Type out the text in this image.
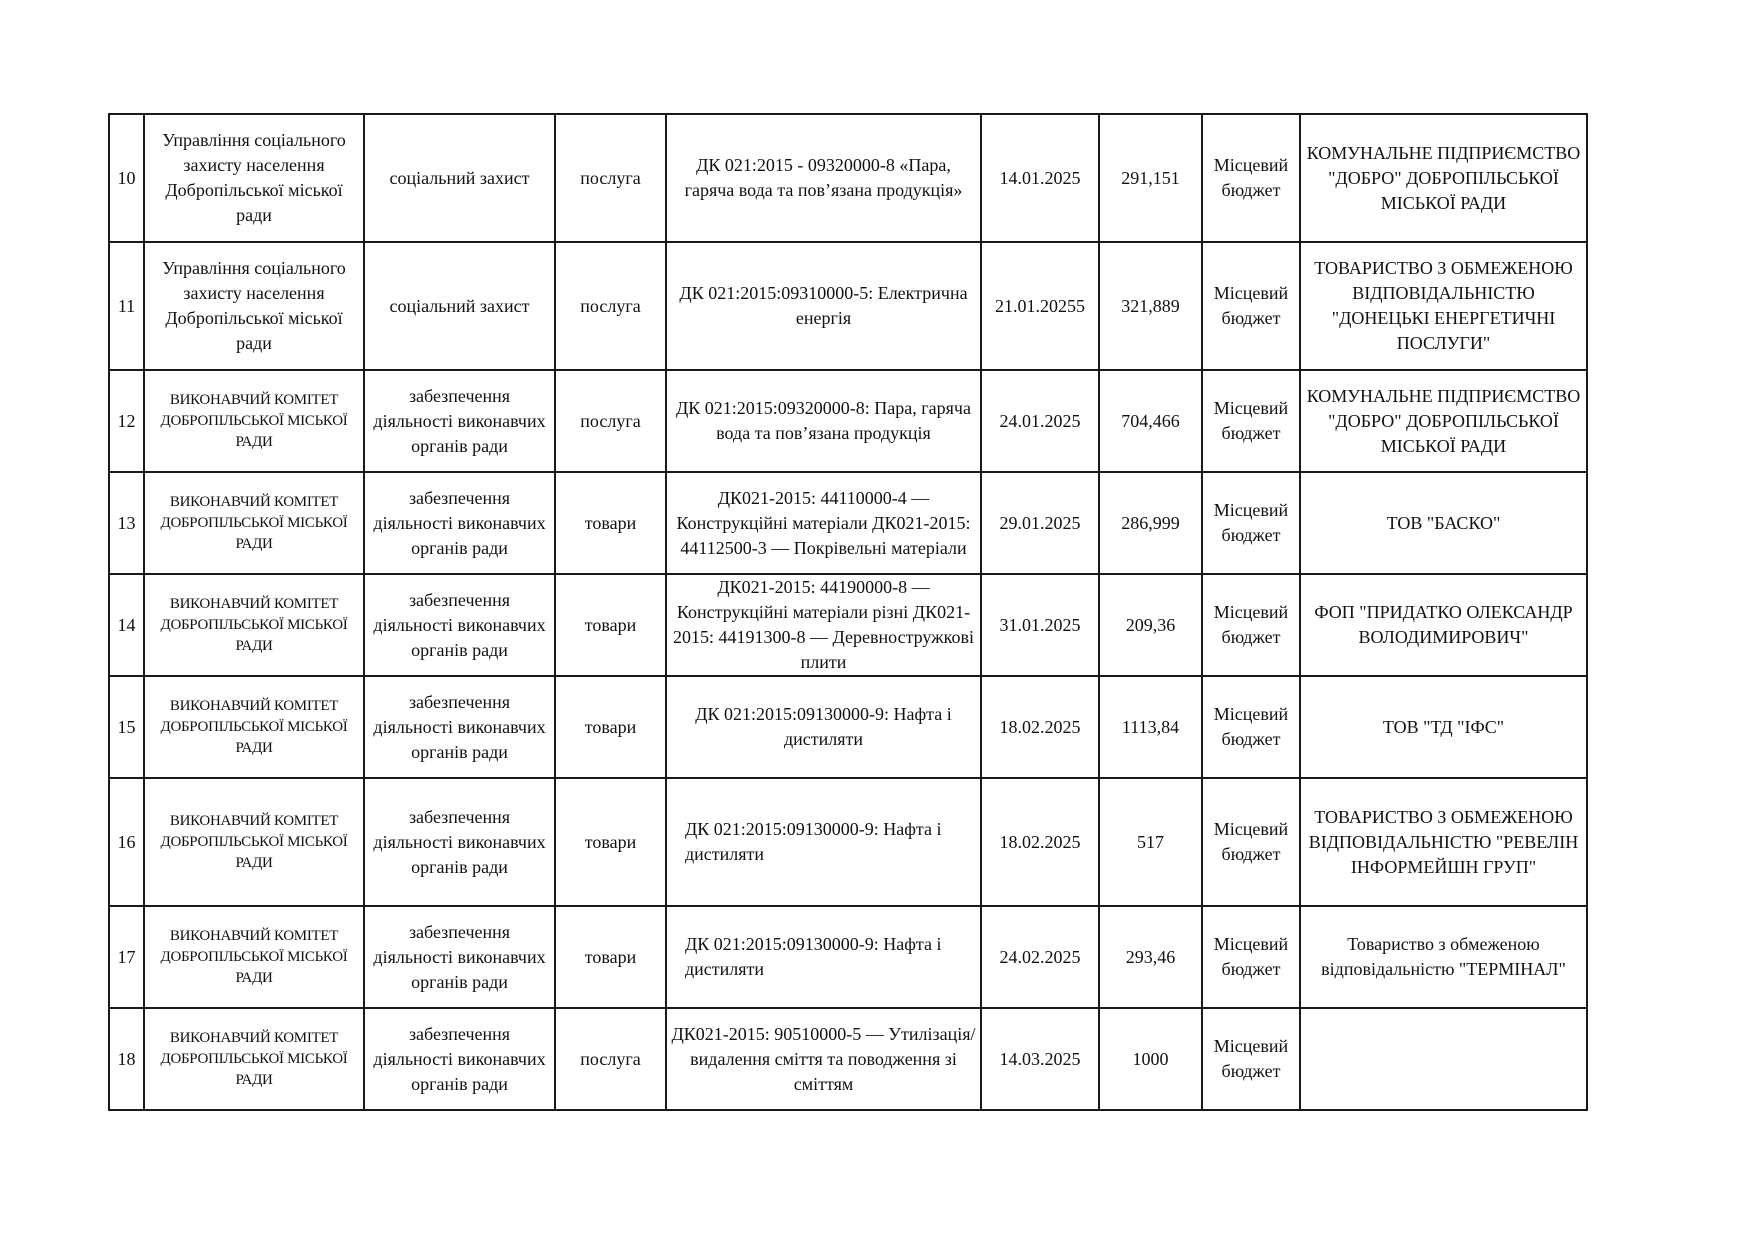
10	Управління соціального захисту населення Добропільської міської ради	соціальний захист	послуга	ДК 021:2015 - 09320000-8 «Пара, гаряча вода та пов’язана продукція»	14.01.2025	291,151	Місцевий бюджет	КОМУНАЛЬНЕ ПІДПРИЄМСТВО "ДОБРО" ДОБРОПІЛЬСЬКОЇ МІСЬКОЇ РАДИ
11	Управління соціального захисту населення Добропільської міської ради	соціальний захист	послуга	ДК 021:2015:09310000-5: Електрична енергія	21.01.20255	321,889	Місцевий бюджет	ТОВАРИСТВО З ОБМЕЖЕНОЮ ВІДПОВІДАЛЬНІСТЮ "ДОНЕЦЬКІ ЕНЕРГЕТИЧНІ ПОСЛУГИ"
12	ВИКОНАВЧИЙ КОМІТЕТ ДОБРОПІЛЬСЬКОЇ МІСЬКОЇ РАДИ	забезпечення діяльності виконавчих органів ради	послуга	ДК 021:2015:09320000-8: Пара, гаряча вода та пов’язана продукція	24.01.2025	704,466	Місцевий бюджет	КОМУНАЛЬНЕ ПІДПРИЄМСТВО "ДОБРО" ДОБРОПІЛЬСЬКОЇ МІСЬКОЇ РАДИ
13	ВИКОНАВЧИЙ КОМІТЕТ ДОБРОПІЛЬСЬКОЇ МІСЬКОЇ РАДИ	забезпечення діяльності виконавчих органів ради	товари	ДК021-2015: 44110000-4 — Конструкційні матеріали ДК021-2015: 44112500-3 — Покрівельні матеріали	29.01.2025	286,999	Місцевий бюджет	ТОВ "БАСКО"
14	ВИКОНАВЧИЙ КОМІТЕТ ДОБРОПІЛЬСЬКОЇ МІСЬКОЇ РАДИ	забезпечення діяльності виконавчих органів ради	товари	ДК021-2015: 44190000-8 — Конструкційні матеріали різні ДК021-2015: 44191300-8 — Деревностружкові плити	31.01.2025	209,36	Місцевий бюджет	ФОП "ПРИДАТКО ОЛЕКСАНДР ВОЛОДИМИРОВИЧ"
15	ВИКОНАВЧИЙ КОМІТЕТ ДОБРОПІЛЬСЬКОЇ МІСЬКОЇ РАДИ	забезпечення діяльності виконавчих органів ради	товари	ДК 021:2015:09130000-9: Нафта і дистиляти	18.02.2025	1113,84	Місцевий бюджет	ТОВ "ТД "ІФС"
16	ВИКОНАВЧИЙ КОМІТЕТ ДОБРОПІЛЬСЬКОЇ МІСЬКОЇ РАДИ	забезпечення діяльності виконавчих органів ради	товари	ДК 021:2015:09130000-9: Нафта і дистиляти	18.02.2025	517	Місцевий бюджет	ТОВАРИСТВО З ОБМЕЖЕНОЮ ВІДПОВІДАЛЬНІСТЮ "РЕВЕЛІН ІНФОРМЕЙШН ГРУП"
17	ВИКОНАВЧИЙ КОМІТЕТ ДОБРОПІЛЬСЬКОЇ МІСЬКОЇ РАДИ	забезпечення діяльності виконавчих органів ради	товари	ДК 021:2015:09130000-9: Нафта і дистиляти	24.02.2025	293,46	Місцевий бюджет	Товариство з обмеженою відповідальністю "ТЕРМІНАЛ"
18	ВИКОНАВЧИЙ КОМІТЕТ ДОБРОПІЛЬСЬКОЇ МІСЬКОЇ РАДИ	забезпечення діяльності виконавчих органів ради	послуга	ДК021-2015: 90510000-5 — Утилізація/видалення сміття та поводження зі сміттям	14.03.2025	1000	Місцевий бюджет	
